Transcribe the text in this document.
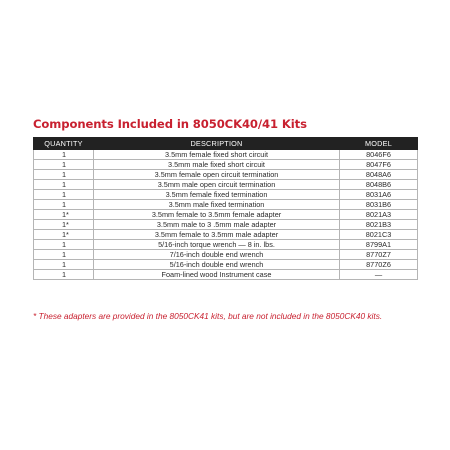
Components Included in 8050CK40/41 Kits
QUANTITY	DESCRIPTION	MODEL
1	3.5mm female fixed short circuit	8046F6
1	3.5mm male fixed short circuit	8047F6
1	3.5mm female open circuit termination	8048A6
1	3.5mm male open circuit termination	8048B6
1	3.5mm female fixed termination	8031A6
1	3.5mm male fixed termination	8031B6
1*	3.5mm female to 3.5mm female adapter	8021A3
1*	3.5mm male to 3 .5mm male adapter	8021B3
1*	3.5mm female to 3.5mm male adapter	8021C3
1	5/16-inch torque wrench — 8 in. lbs.	8799A1
1	7/16-inch double end wrench	8770Z7
1	5/16-inch double end wrench	8770Z6
1	Foam-lined wood Instrument case	—

* These adapters are provided in the 8050CK41 kits, but are not included in the 8050CK40 kits.
